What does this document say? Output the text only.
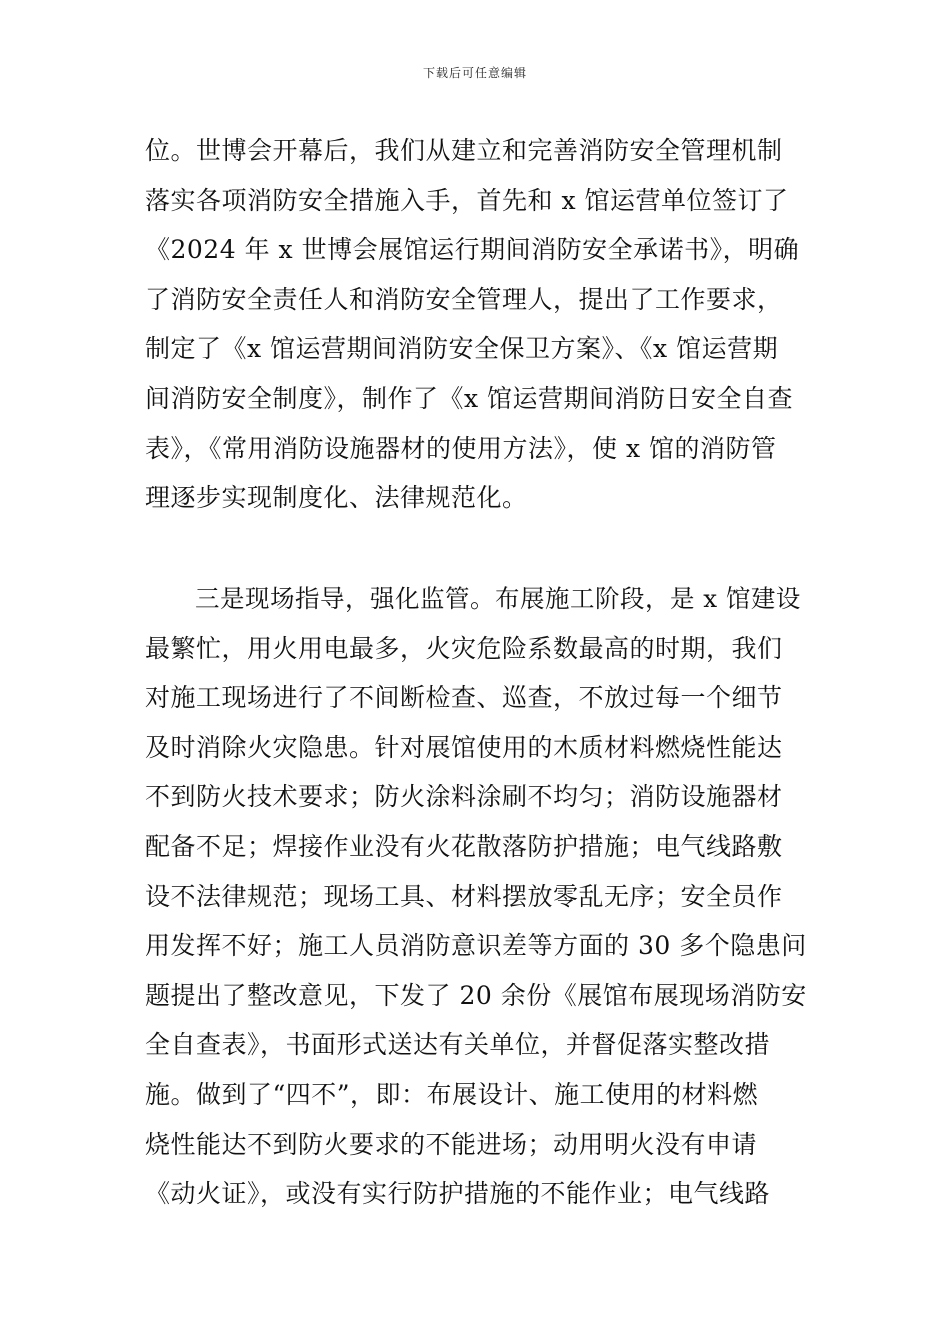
下载后可任意编辑
位。世博会开幕后，我们从建立和完善消防安全管理机制
落实各项消防安全措施入手，首先和 x 馆运营单位签订了
《2024 年 x 世博会展馆运行期间消防安全承诺书》，明确
了消防安全责任人和消防安全管理人，提出了工作要求，
制定了《x 馆运营期间消防安全保卫方案》、《x 馆运营期
间消防安全制度》，制作了《x 馆运营期间消防日安全自查
表》，《常用消防设施器材的使用方法》，使 x 馆的消防管
理逐步实现制度化、法律规范化。
　　三是现场指导，强化监管。布展施工阶段，是 x 馆建设
最繁忙，用火用电最多，火灾危险系数最高的时期，我们
对施工现场进行了不间断检查、巡查，不放过每一个细节
及时消除火灾隐患。针对展馆使用的木质材料燃烧性能达
不到防火技术要求；防火涂料涂刷不均匀；消防设施器材
配备不足；焊接作业没有火花散落防护措施；电气线路敷
设不法律规范；现场工具、材料摆放零乱无序；安全员作
用发挥不好；施工人员消防意识差等方面的 30 多个隐患问
题提出了整改意见，下发了 20 余份《展馆布展现场消防安
全自查表》，书面形式送达有关单位，并督促落实整改措
施。做到了“四不”，即：布展设计、施工使用的材料燃
烧性能达不到防火要求的不能进场；动用明火没有申请
《动火证》，或没有实行防护措施的不能作业；电气线路
